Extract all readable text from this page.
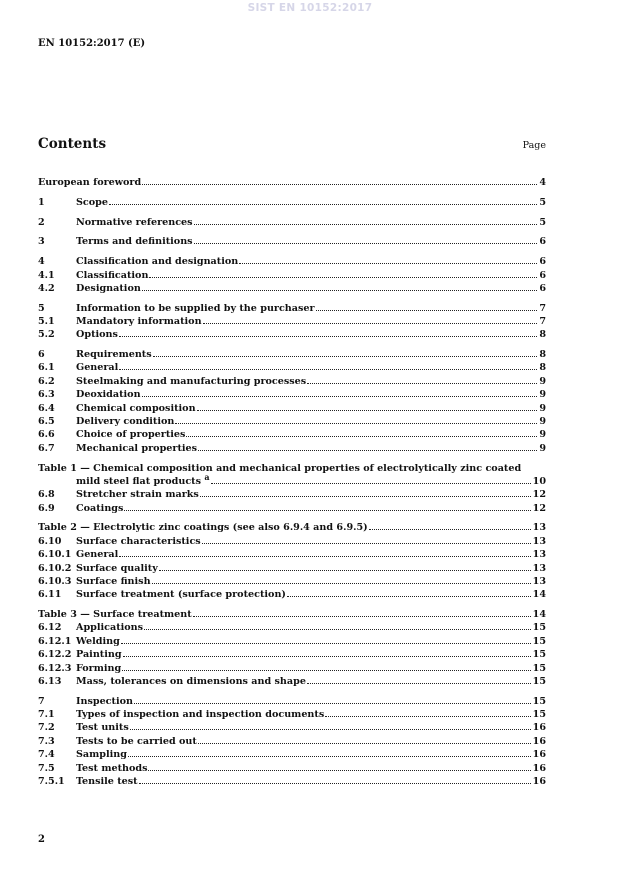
SIST EN 10152:2017
EN 10152:2017 (E)
Contents	Page
European foreword	4
1	Scope	5
2	Normative references	5
3	Terms and definitions	6
4	Classification and designation	6
4.1	Classification	6
4.2	Designation	6
5	Information to be supplied by the purchaser	7
5.1	Mandatory information	7
5.2	Options	8
6	Requirements	8
6.1	General	8
6.2	Steelmaking and manufacturing processes	9
6.3	Deoxidation	9
6.4	Chemical composition	9
6.5	Delivery condition	9
6.6	Choice of properties	9
6.7	Mechanical properties	9
Table 1 — Chemical composition and mechanical properties of electrolytically zinc coated
mild steel flat products $^a$	10
6.8	Stretcher strain marks	12
6.9	Coatings	12
Table 2 — Electrolytic zinc coatings (see also 6.9.4 and 6.9.5)	13
6.10	Surface characteristics	13
6.10.1 General	13
6.10.2 Surface quality	13
6.10.3 Surface finish	13
6.11	Surface treatment (surface protection)	14
Table 3 — Surface treatment	14
6.12	Applications	15
6.12.1 Welding	15
6.12.2 Painting	15
6.12.3 Forming	15
6.13	Mass, tolerances on dimensions and shape	15
7	Inspection	15
7.1	Types of inspection and inspection documents	15
7.2	Test units	16
7.3	Tests to be carried out	16
7.4	Sampling	16
7.5	Test methods	16
7.5.1	Tensile test	16
2
